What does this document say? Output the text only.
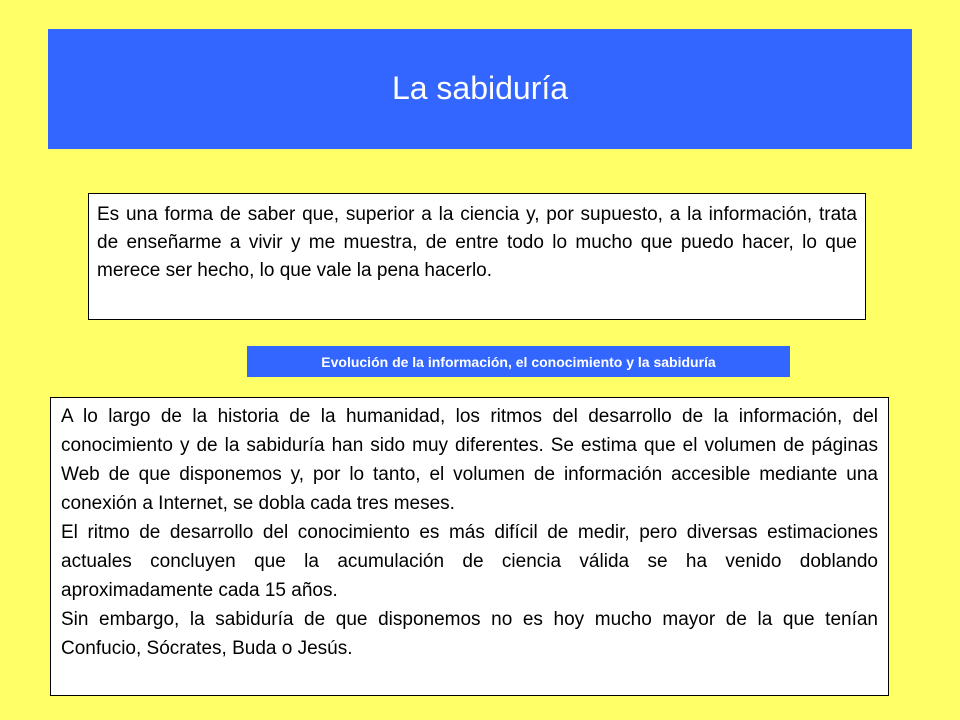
La sabiduría
Es una forma de saber que, superior a la ciencia y, por supuesto, a la información, trata de enseñarme a vivir y me muestra, de entre todo lo mucho que puedo hacer, lo que merece ser hecho, lo que vale la pena hacerlo.
Evolución de la información, el conocimiento y la sabiduría

A lo largo de la historia de la humanidad, los ritmos del desarrollo de la información, del conocimiento y de la sabiduría han sido muy diferentes. Se estima que el volumen de páginas Web de que disponemos y, por lo tanto, el volumen de información accesible mediante una conexión a Internet, se dobla cada tres meses.

El ritmo de desarrollo del conocimiento es más difícil de medir, pero diversas estimaciones actuales concluyen que la acumulación de ciencia válida se ha venido doblando aproximadamente cada 15 años.

Sin embargo, la sabiduría de que disponemos no es hoy mucho mayor de la que tenían Confucio, Sócrates, Buda o Jesús.
